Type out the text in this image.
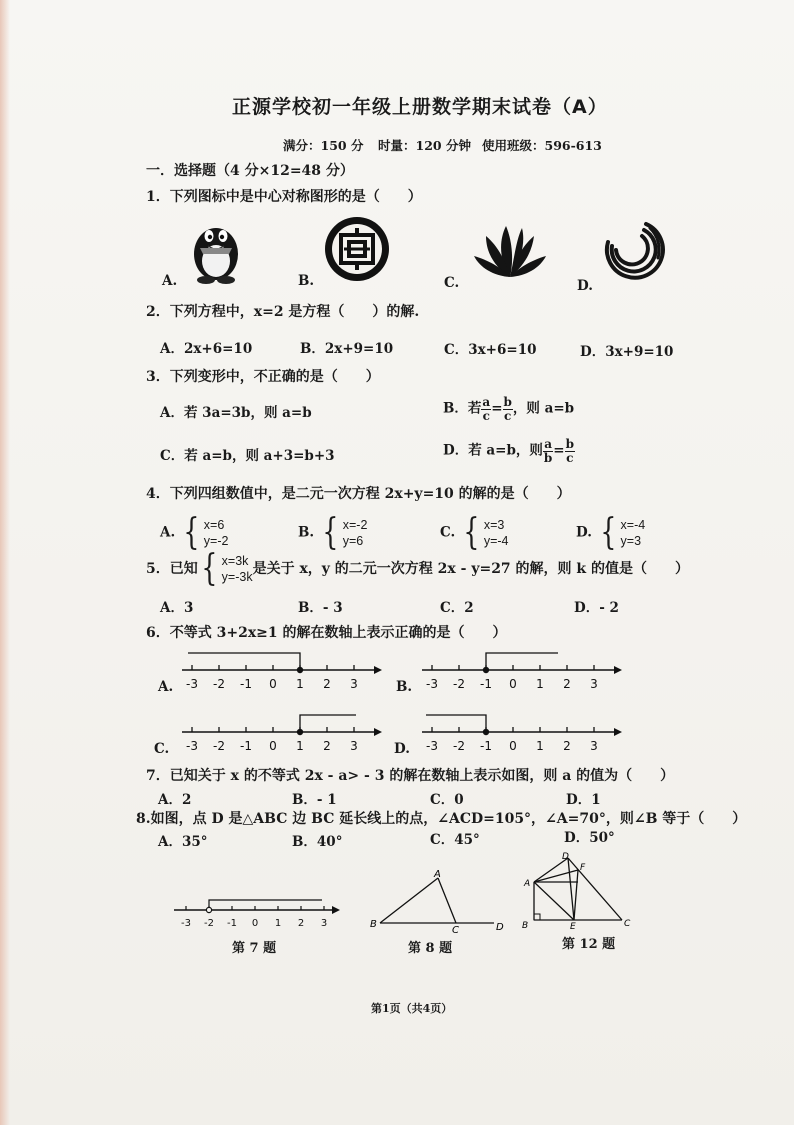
正源学校初一年级上册数学期末试卷（A）
满分：150 分 时量：120 分钟 使用班级：596-613
一．选择题（4 分×12=48 分）
1．下列图标中是中心对称图形的是（　　）
A.	B.	C.	D.
2．下列方程中，x=2 是方程（　　）的解.
A．2x+6=10	B．2x+9=10	C．3x+6=10	D．3x+9=10
3．下列变形中，不正确的是（　　）
A．若 3a=3b，则 a=b	B．若 $\frac{a}{c} = \frac{b}{c}$ ，则 a=b
C．若 a=b，则 a+3=b+3	D．若 a=b，则 $\frac{a}{b} = \frac{b}{c}$
4．下列四组数值中，是二元一次方程 2x+y=10 的解的是（　　）
A. { x=6
y=-2
B. { x=-2
y=6
C. { x=3
y=-4
D. { x=-4
y=3
5．已知 { x=3k
y=-3k 是关于 x，y 的二元一次方程 2x - y=27 的解，则 k 的值是（　　）
A．3	B．- 3	C．2	D．- 2
6．不等式 3+2x≥1 的解在数轴上表示正确的是（　　）
A. -3 -2 -1 0 1 2 3	B. -3 -2 -1 0 1 2 3
C. -3 -2 -1 0 1 2 3	D. -3 -2 -1 0 1 2 3
7．已知关于 x 的不等式 2x - a> - 3 的解在数轴上表示如图，则 a 的值为（　　）
A．2	B．- 1	C．0	D．1
8.如图，点 D 是△ABC 边 BC 延长线上的点，∠ACD=105°，∠A=70°，则∠B 等于（　　）
A．35°	B．40°	C．45°	D．50°
-3 -2 -1 0 1 2 3
第 7 题
A
B
C	D
第 8 题
A
B	C
D
E
F
第 12 题
第1页（共4页）
